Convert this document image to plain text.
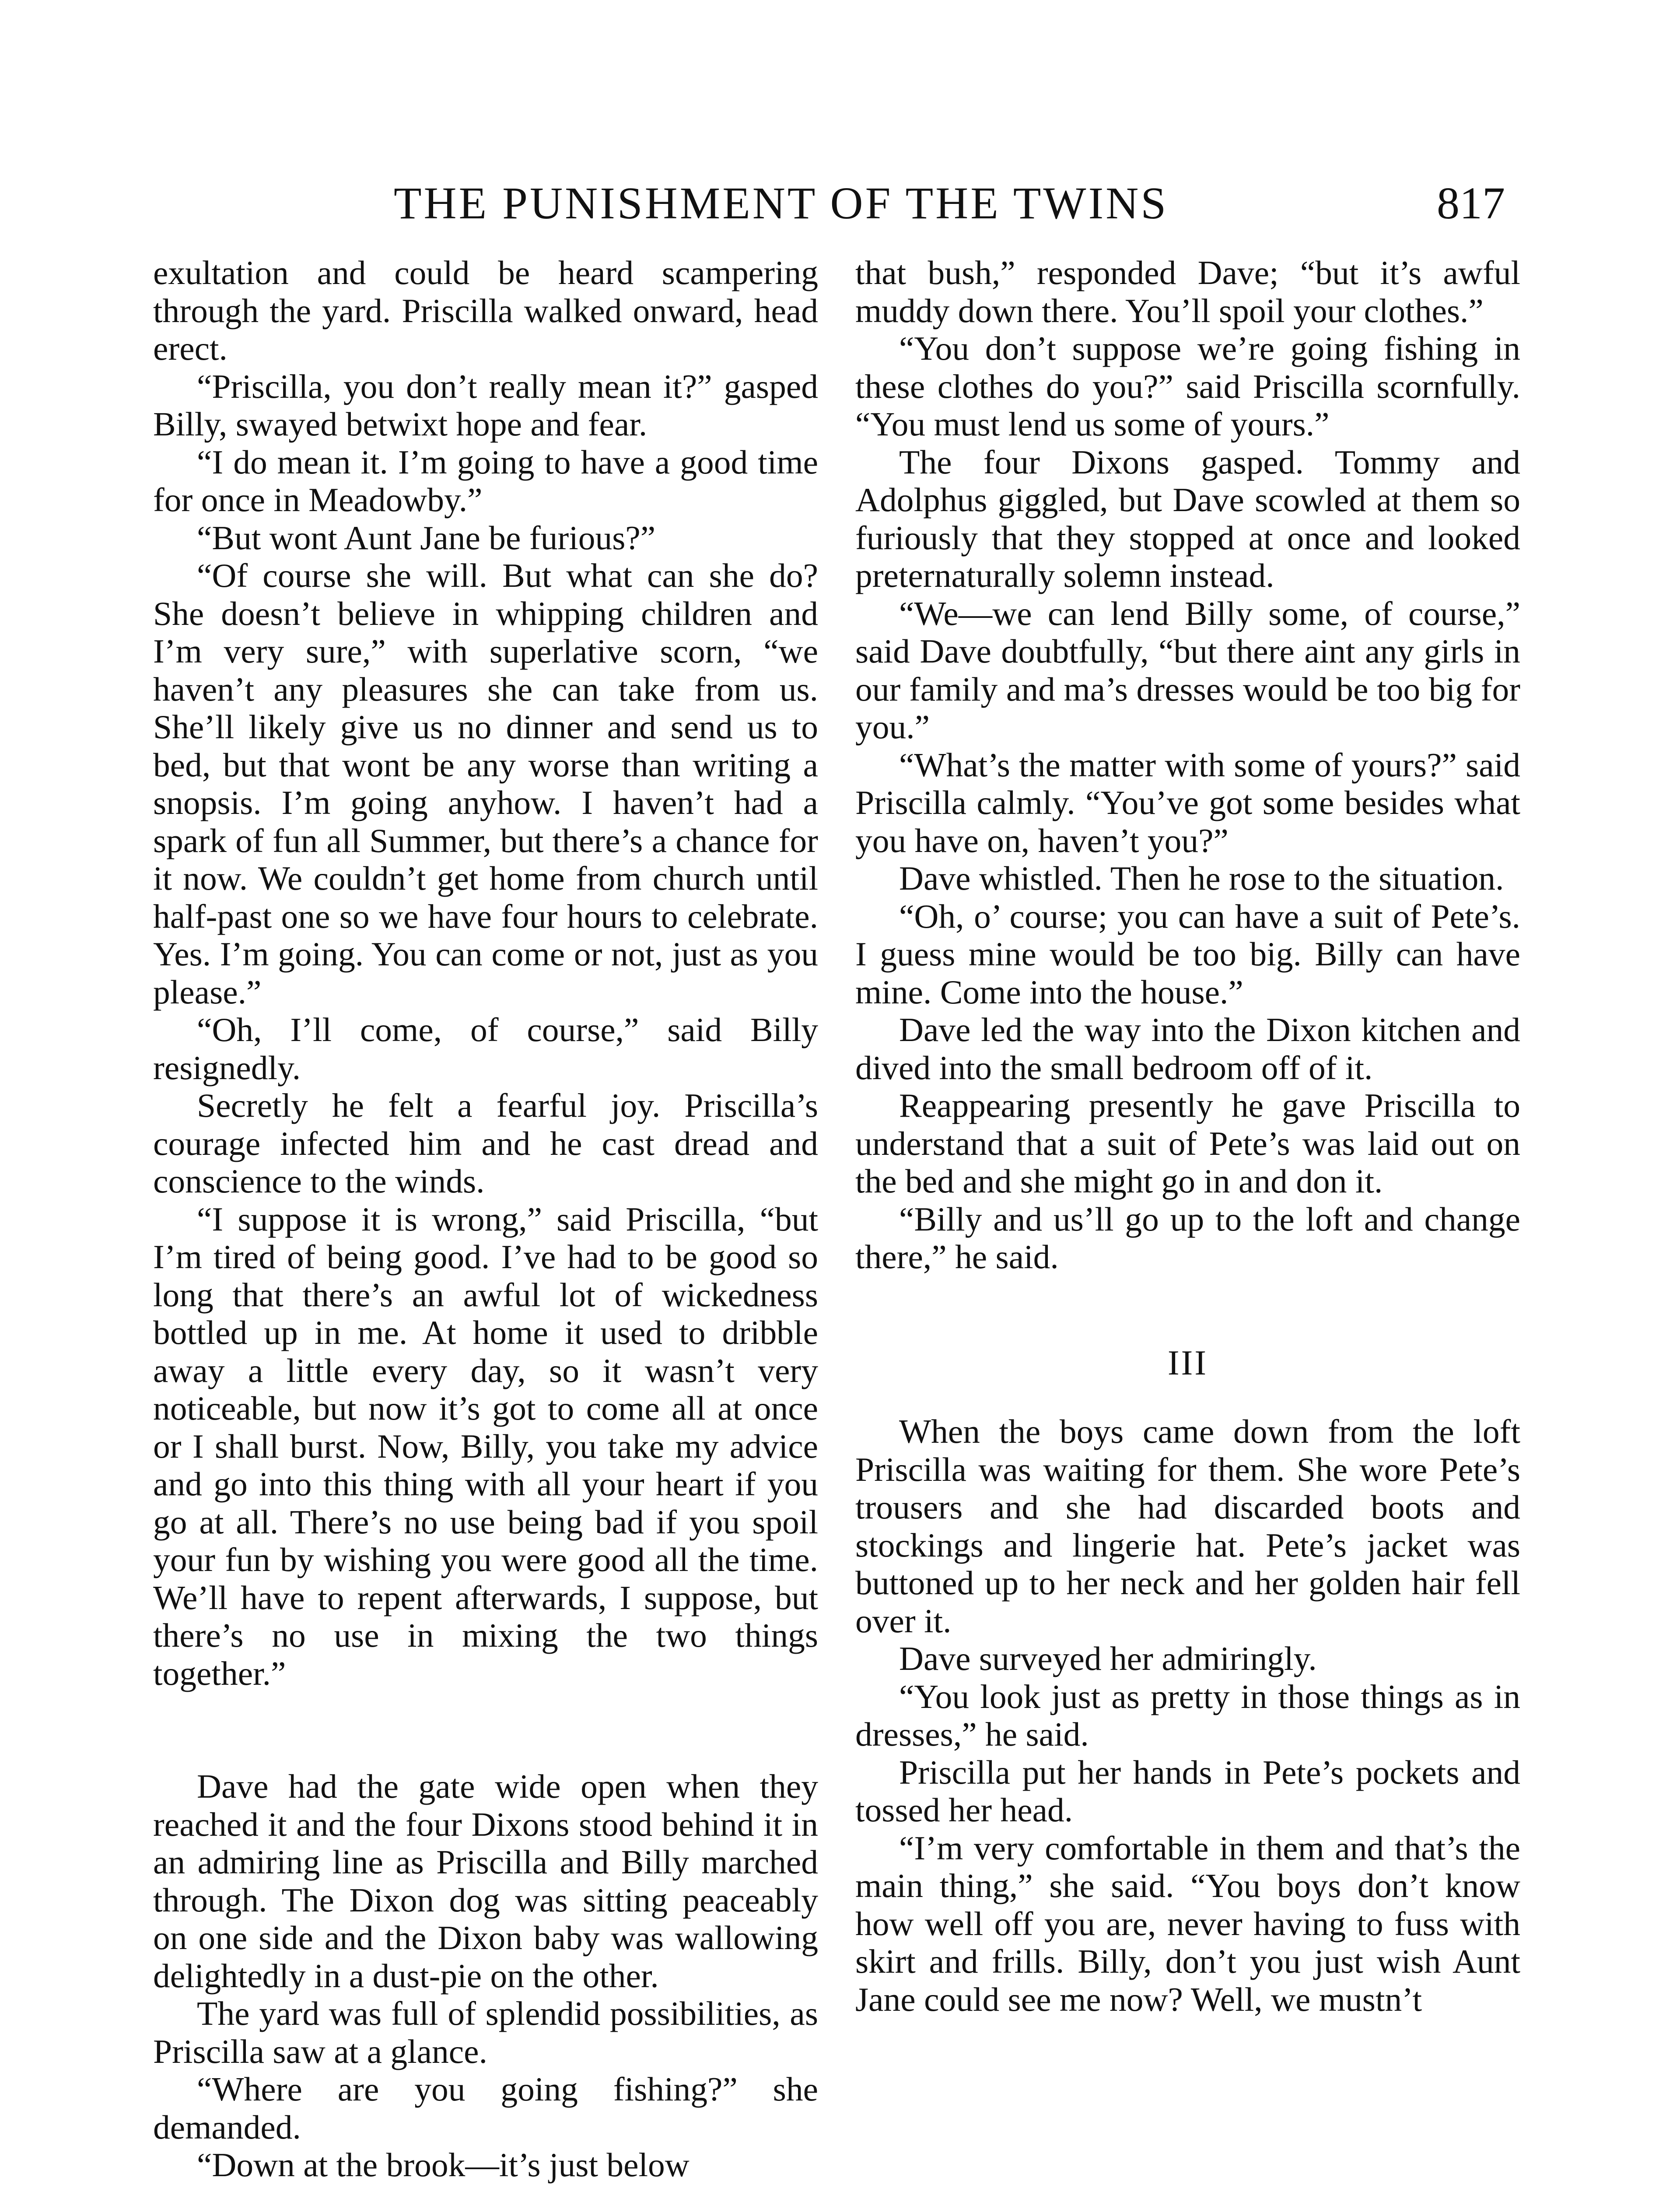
THE PUNISHMENT OF THE TWINS	817

exultation and could be heard scampering through the yard. Priscilla walked onward, head erect.

“Priscilla, you don’t really mean it?” gasped Billy, swayed betwixt hope and fear.

“I do mean it. I’m going to have a good time for once in Meadowby.”

“But wont Aunt Jane be furious?”

“Of course she will. But what can she do? She doesn’t believe in whipping children and I’m very sure,” with superlative scorn, “we haven’t any pleasures she can take from us. She’ll likely give us no dinner and send us to bed, but that wont be any worse than writing a snopsis. I’m going anyhow. I haven’t had a spark of fun all Summer, but there’s a chance for it now. We couldn’t get home from church until half-past one so we have four hours to celebrate. Yes. I’m going. You can come or not, just as you please.”

“Oh, I’ll come, of course,” said Billy resignedly.

Secretly he felt a fearful joy. Priscilla’s courage infected him and he cast dread and conscience to the winds.

“I suppose it is wrong,” said Priscilla, “but I’m tired of being good. I’ve had to be good so long that there’s an awful lot of wickedness bottled up in me. At home it used to dribble away a little every day, so it wasn’t very noticeable, but now it’s got to come all at once or I shall burst. Now, Billy, you take my advice and go into this thing with all your heart if you go at all. There’s no use being bad if you spoil your fun by wishing you were good all the time. We’ll have to repent afterwards, I suppose, but there’s no use in mixing the two things together.”

Dave had the gate wide open when they reached it and the four Dixons stood behind it in an admiring line as Priscilla and Billy marched through. The Dixon dog was sitting peaceably on one side and the Dixon baby was wallowing delightedly in a dust-pie on the other.

The yard was full of splendid possibilities, as Priscilla saw at a glance.

“Where are you going fishing?” she demanded.

“Down at the brook—it’s just below

that bush,” responded Dave; “but it’s awful muddy down there. You’ll spoil your clothes.”

“You don’t suppose we’re going fishing in these clothes do you?” said Priscilla scornfully. “You must lend us some of yours.”

The four Dixons gasped. Tommy and Adolphus giggled, but Dave scowled at them so furiously that they stopped at once and looked preternaturally solemn instead.

“We—we can lend Billy some, of course,” said Dave doubtfully, “but there aint any girls in our family and ma’s dresses would be too big for you.”

“What’s the matter with some of yours?” said Priscilla calmly. “You’ve got some besides what you have on, haven’t you?”

Dave whistled. Then he rose to the situation.

“Oh, o’ course; you can have a suit of Pete’s. I guess mine would be too big. Billy can have mine. Come into the house.”

Dave led the way into the Dixon kitchen and dived into the small bedroom off of it.

Reappearing presently he gave Priscilla to understand that a suit of Pete’s was laid out on the bed and she might go in and don it.

“Billy and us’ll go up to the loft and change there,” he said.

III

When the boys came down from the loft Priscilla was waiting for them. She wore Pete’s trousers and she had discarded boots and stockings and lingerie hat. Pete’s jacket was buttoned up to her neck and her golden hair fell over it.

Dave surveyed her admiringly.

“You look just as pretty in those things as in dresses,” he said.

Priscilla put her hands in Pete’s pockets and tossed her head.

“I’m very comfortable in them and that’s the main thing,” she said. “You boys don’t know how well off you are, never having to fuss with skirt and frills. Billy, don’t you just wish Aunt Jane could see me now? Well, we mustn’t
